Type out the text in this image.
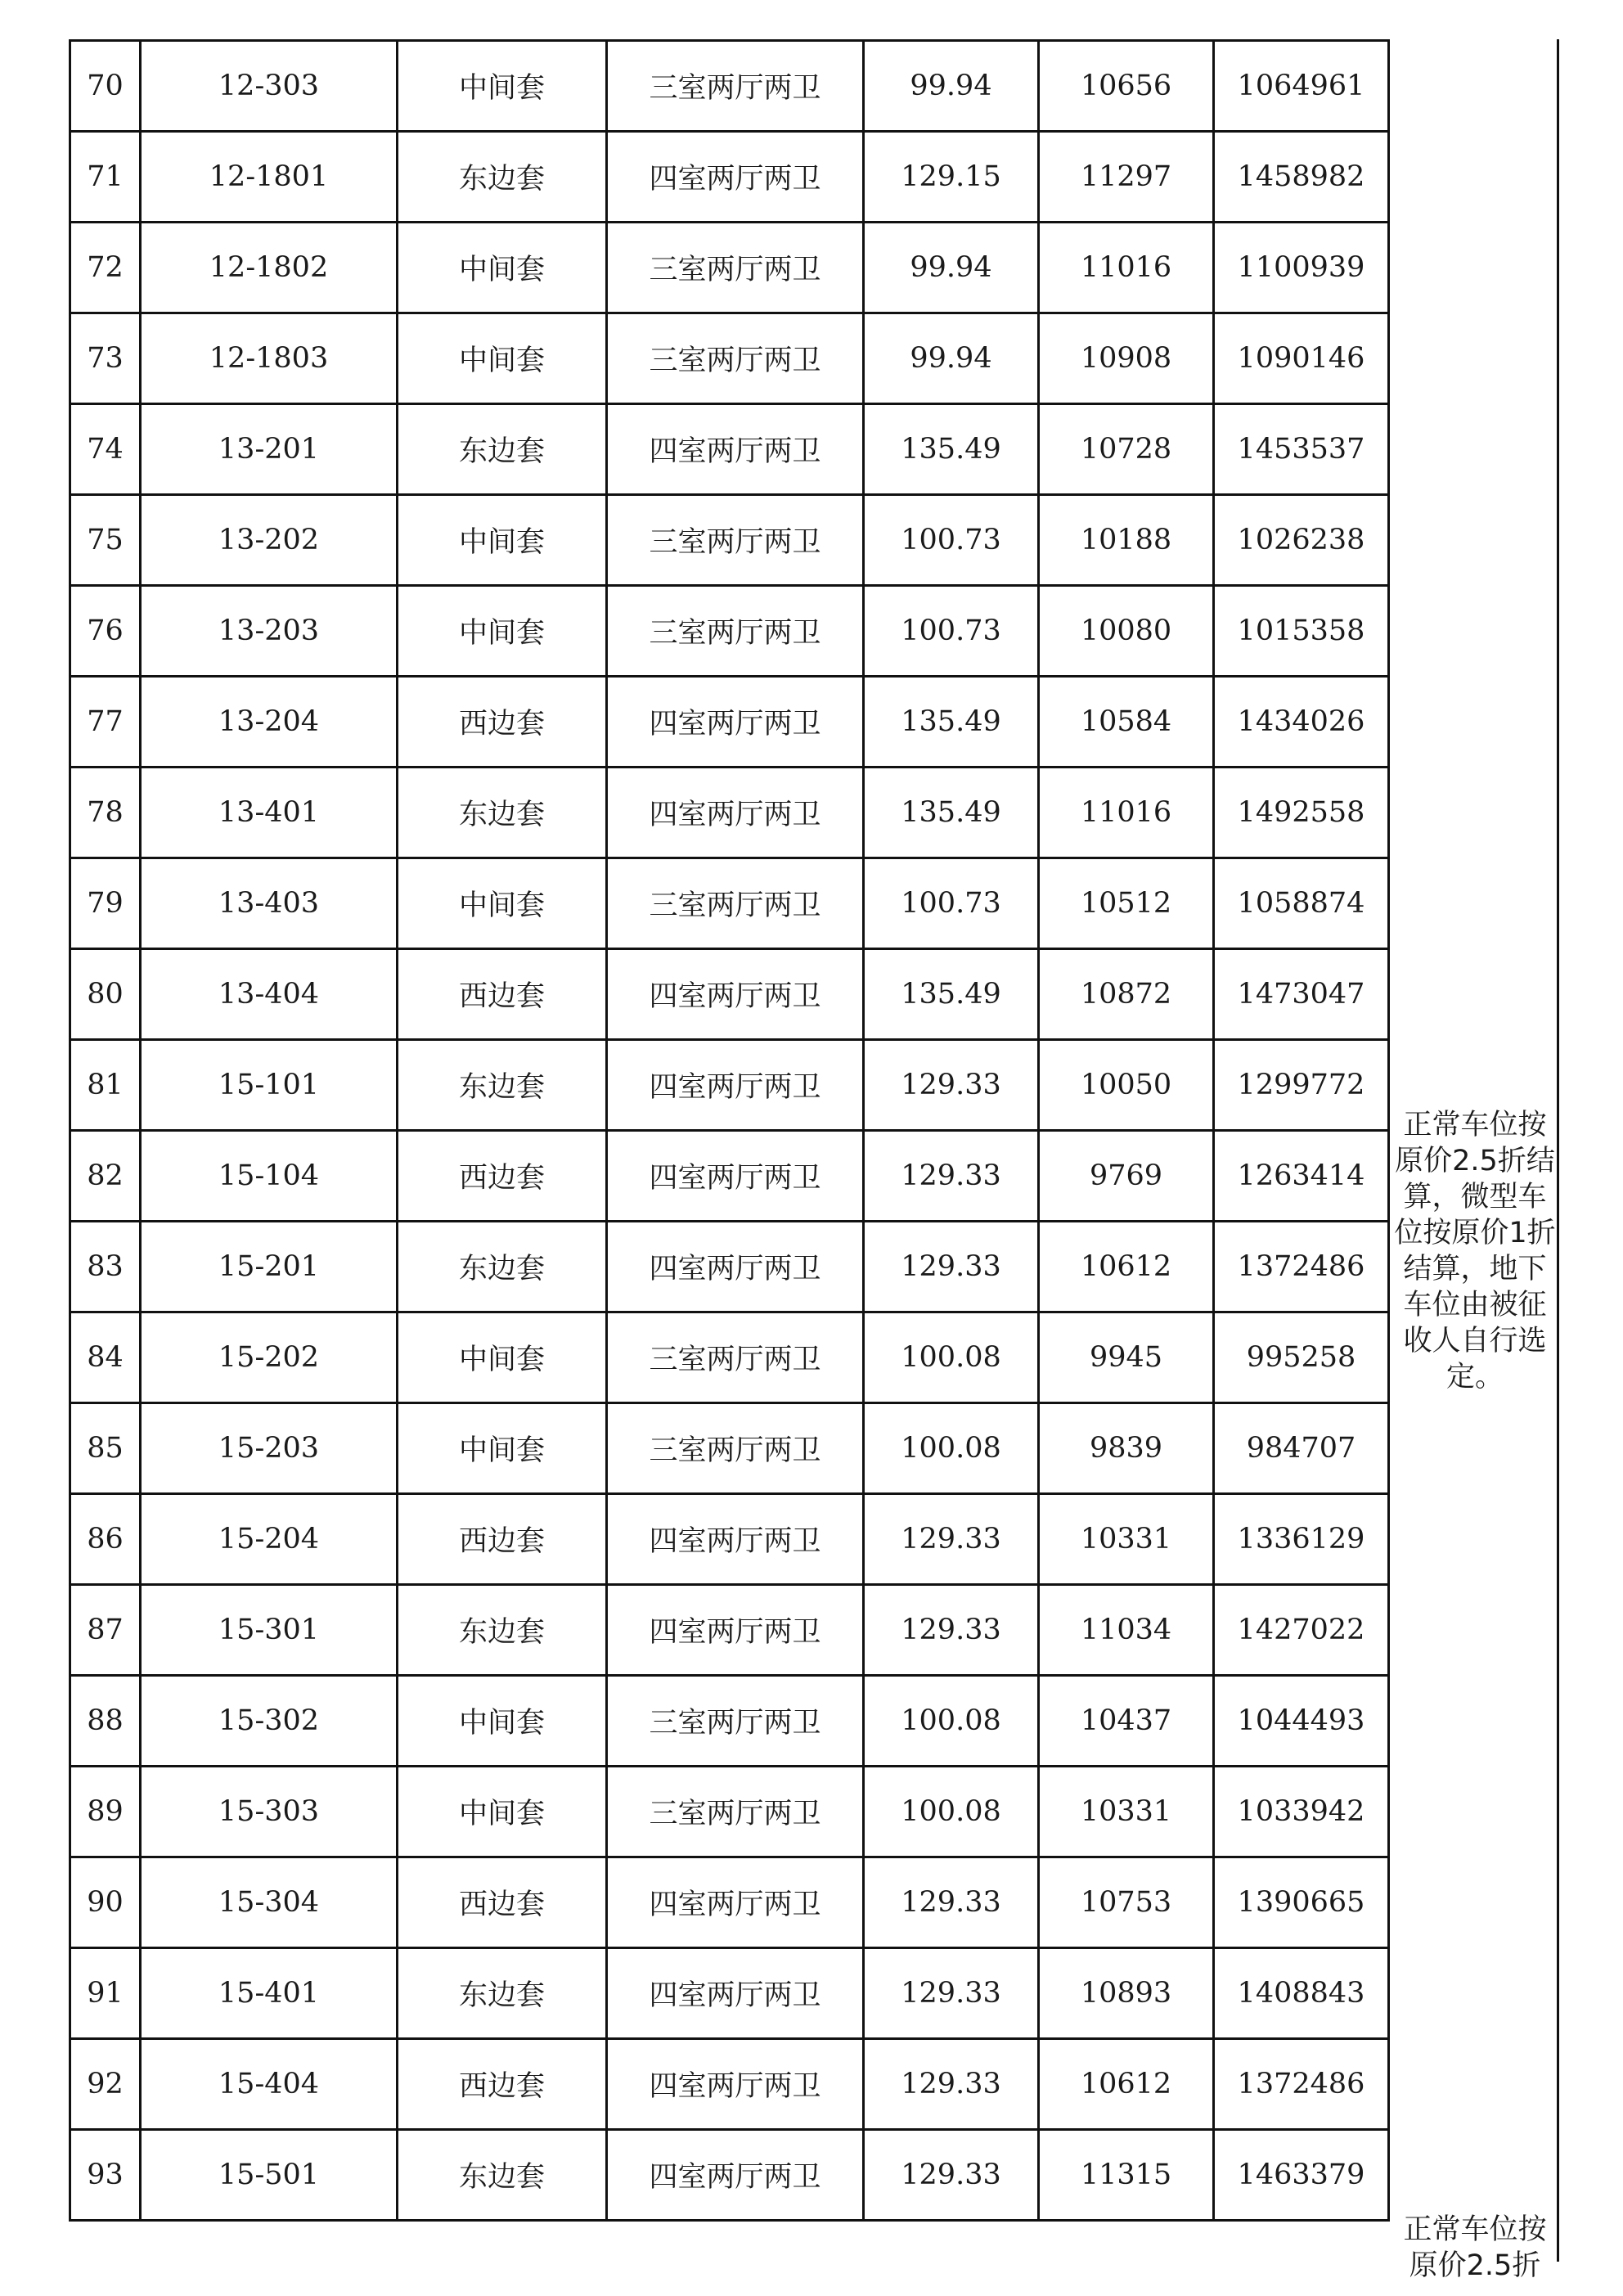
70	12-303	中间套	三室两厅两卫	99.94	10656	1064961
71	12-1801	东边套	四室两厅两卫	129.15	11297	1458982
72	12-1802	中间套	三室两厅两卫	99.94	11016	1100939
73	12-1803	中间套	三室两厅两卫	99.94	10908	1090146
74	13-201	东边套	四室两厅两卫	135.49	10728	1453537
75	13-202	中间套	三室两厅两卫	100.73	10188	1026238
76	13-203	中间套	三室两厅两卫	100.73	10080	1015358
77	13-204	西边套	四室两厅两卫	135.49	10584	1434026
78	13-401	东边套	四室两厅两卫	135.49	11016	1492558
79	13-403	中间套	三室两厅两卫	100.73	10512	1058874
80	13-404	西边套	四室两厅两卫	135.49	10872	1473047
81	15-101	东边套	四室两厅两卫	129.33	10050	1299772
82	15-104	西边套	四室两厅两卫	129.33	9769	1263414
83	15-201	东边套	四室两厅两卫	129.33	10612	1372486
84	15-202	中间套	三室两厅两卫	100.08	9945	995258
85	15-203	中间套	三室两厅两卫	100.08	9839	984707
86	15-204	西边套	四室两厅两卫	129.33	10331	1336129
87	15-301	东边套	四室两厅两卫	129.33	11034	1427022
88	15-302	中间套	三室两厅两卫	100.08	10437	1044493
89	15-303	中间套	三室两厅两卫	100.08	10331	1033942
90	15-304	西边套	四室两厅两卫	129.33	10753	1390665
91	15-401	东边套	四室两厅两卫	129.33	10893	1408843
92	15-404	西边套	四室两厅两卫	129.33	10612	1372486
93	15-501	东边套	四室两厅两卫	129.33	11315	1463379
正常车位按原价2.5折结算，微型车位按原价1折结算，地下车位由被征收人自行选定。
正常车位按原价2.5折
